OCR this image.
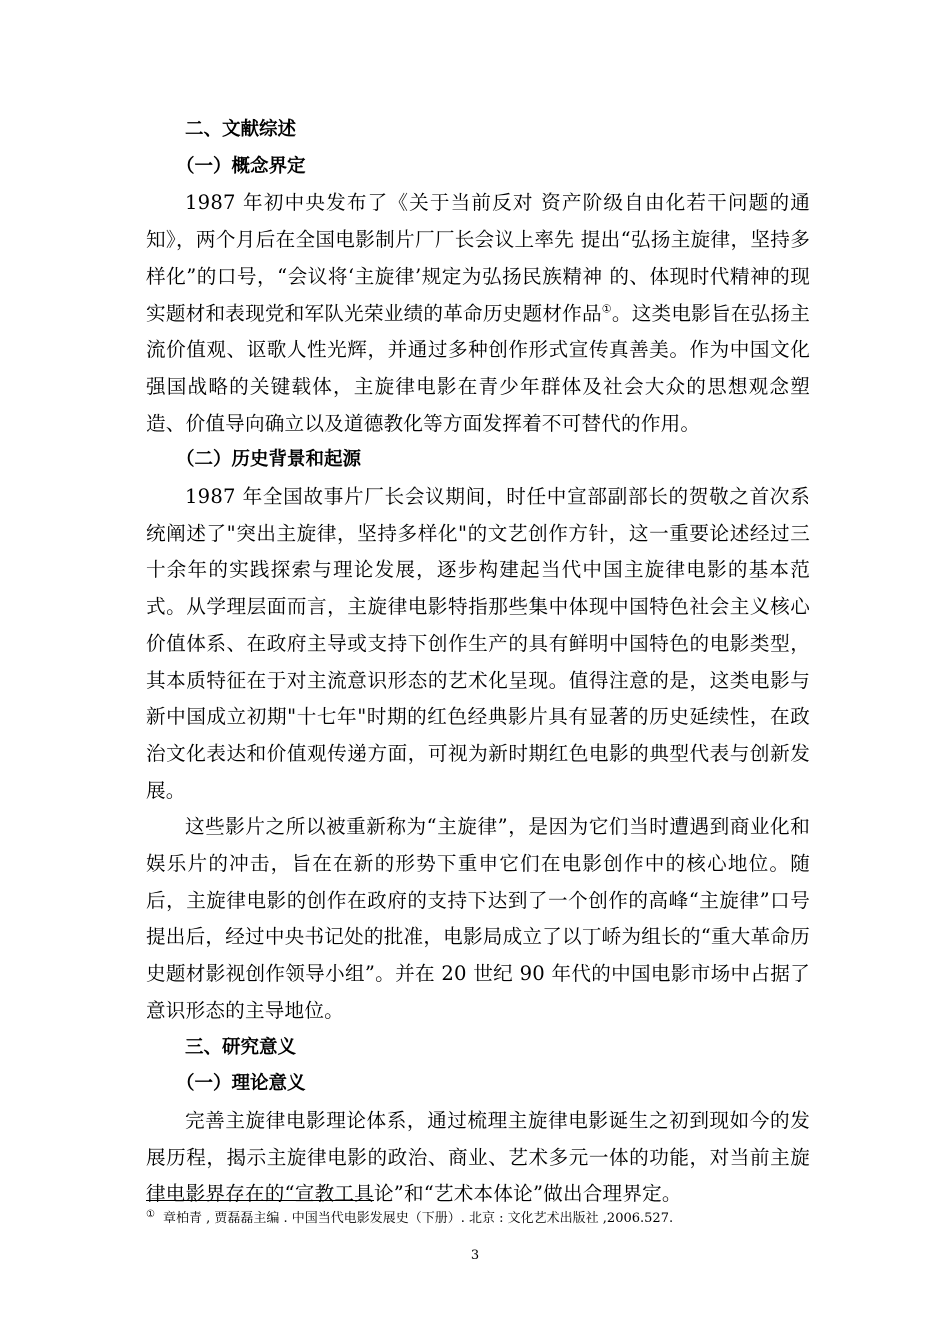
二、文献综述

（一）概念界定

1987 年初中央发布了《关于当前反对 资产阶级自由化若干问题的通知》，两个月后在全国电影制片厂厂长会议上率先 提出“弘扬主旋律，坚持多样化”的口号，“会议将‘主旋律’规定为弘扬民族精神 的、体现时代精神的现实题材和表现党和军队光荣业绩的革命历史题材作品①。这类电影旨在弘扬主流价值观、讴歌人性光辉，并通过多种创作形式宣传真善美。作为中国文化强国战略的关键载体，主旋律电影在青少年群体及社会大众的思想观念塑造、价值导向确立以及道德教化等方面发挥着不可替代的作用。

（二）历史背景和起源

1987 年全国故事片厂长会议期间，时任中宣部副部长的贺敬之首次系统阐述了"突出主旋律，坚持多样化"的文艺创作方针，这一重要论述经过三十余年的实践探索与理论发展，逐步构建起当代中国主旋律电影的基本范式。从学理层面而言，主旋律电影特指那些集中体现中国特色社会主义核心价值体系、在政府主导或支持下创作生产的具有鲜明中国特色的电影类型，其本质特征在于对主流意识形态的艺术化呈现。值得注意的是，这类电影与新中国成立初期"十七年"时期的红色经典影片具有显著的历史延续性，在政治文化表达和价值观传递方面，可视为新时期红色电影的典型代表与创新发展。

这些影片之所以被重新称为“主旋律”，是因为它们当时遭遇到商业化和娱乐片的冲击，旨在在新的形势下重申它们在电影创作中的核心地位。随后，主旋律电影的创作在政府的支持下达到了一个创作的高峰“主旋律”口号提出后，经过中央书记处的批准，电影局成立了以丁峤为组长的“重大革命历史题材影视创作领导小组”。并在 20 世纪 90 年代的中国电影市场中占据了意识形态的主导地位。

三、研究意义

（一）理论意义

完善主旋律电影理论体系，通过梳理主旋律电影诞生之初到现如今的发展历程，揭示主旋律电影的政治、商业、艺术多元一体的功能，对当前主旋律电影界存在的“宣教工具论”和“艺术本体论”做出合理界定。

① 章柏青 , 贾磊磊主编 . 中国当代电影发展史（下册）. 北京 : 文化艺术出版社 ,2006.527.
3
